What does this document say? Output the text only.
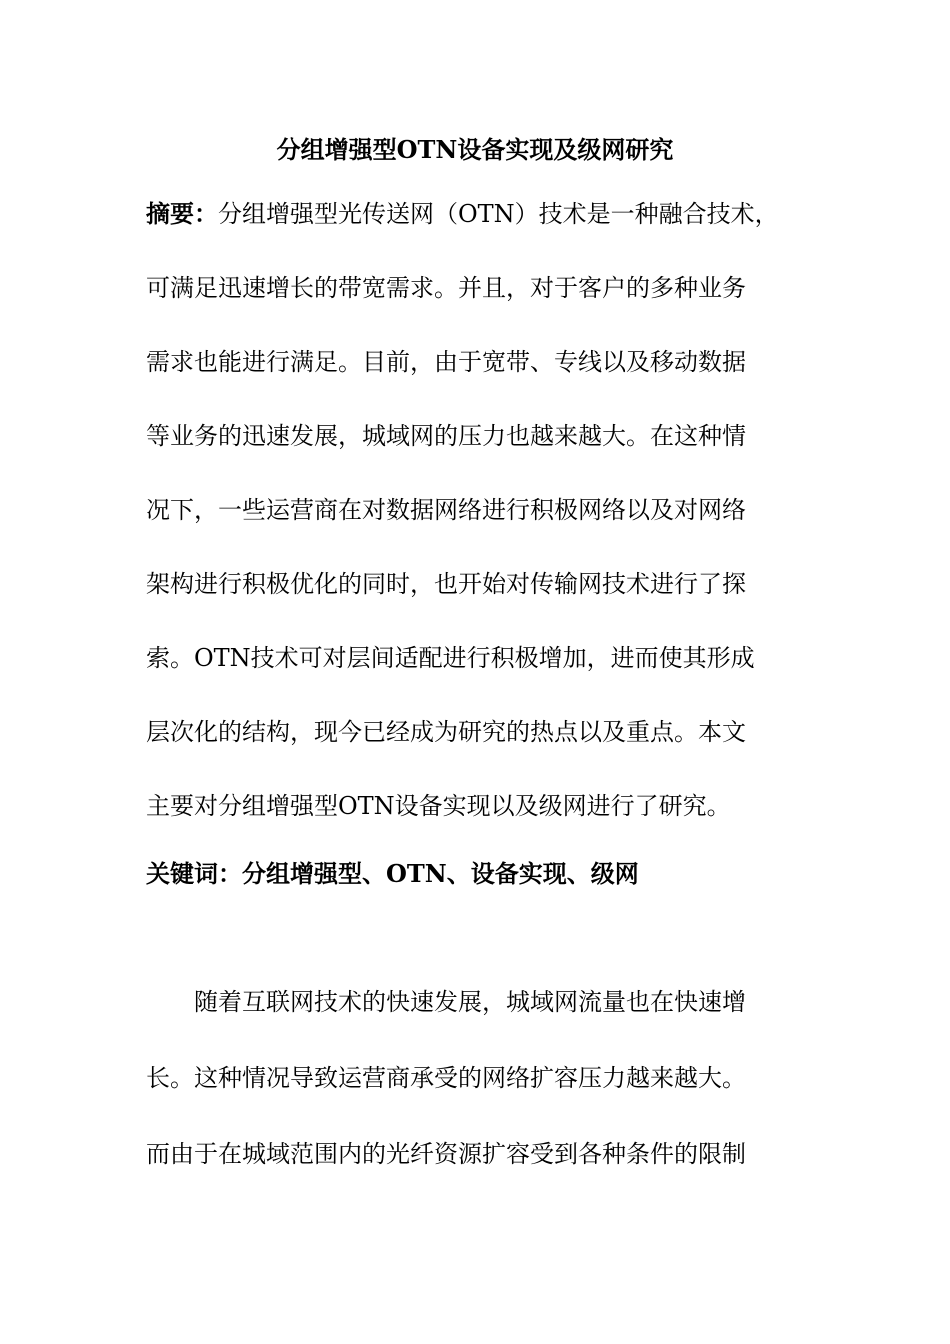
分组增强型OTN设备实现及级网研究
摘要：分组增强型光传送网（OTN）技术是一种融合技术，
可满足迅速增长的带宽需求。并且，对于客户的多种业务
需求也能进行满足。目前，由于宽带、专线以及移动数据
等业务的迅速发展，城域网的压力也越来越大。在这种情
况下，一些运营商在对数据网络进行积极网络以及对网络
架构进行积极优化的同时，也开始对传输网技术进行了探
索。OTN技术可对层间适配进行积极增加，进而使其形成
层次化的结构，现今已经成为研究的热点以及重点。本文
主要对分组增强型OTN设备实现以及级网进行了研究。
关键词：分组增强型、OTN、设备实现、级网
随着互联网技术的快速发展，城域网流量也在快速增
长。这种情况导致运营商承受的网络扩容压力越来越大。
而由于在城域范围内的光纤资源扩容受到各种条件的限制
